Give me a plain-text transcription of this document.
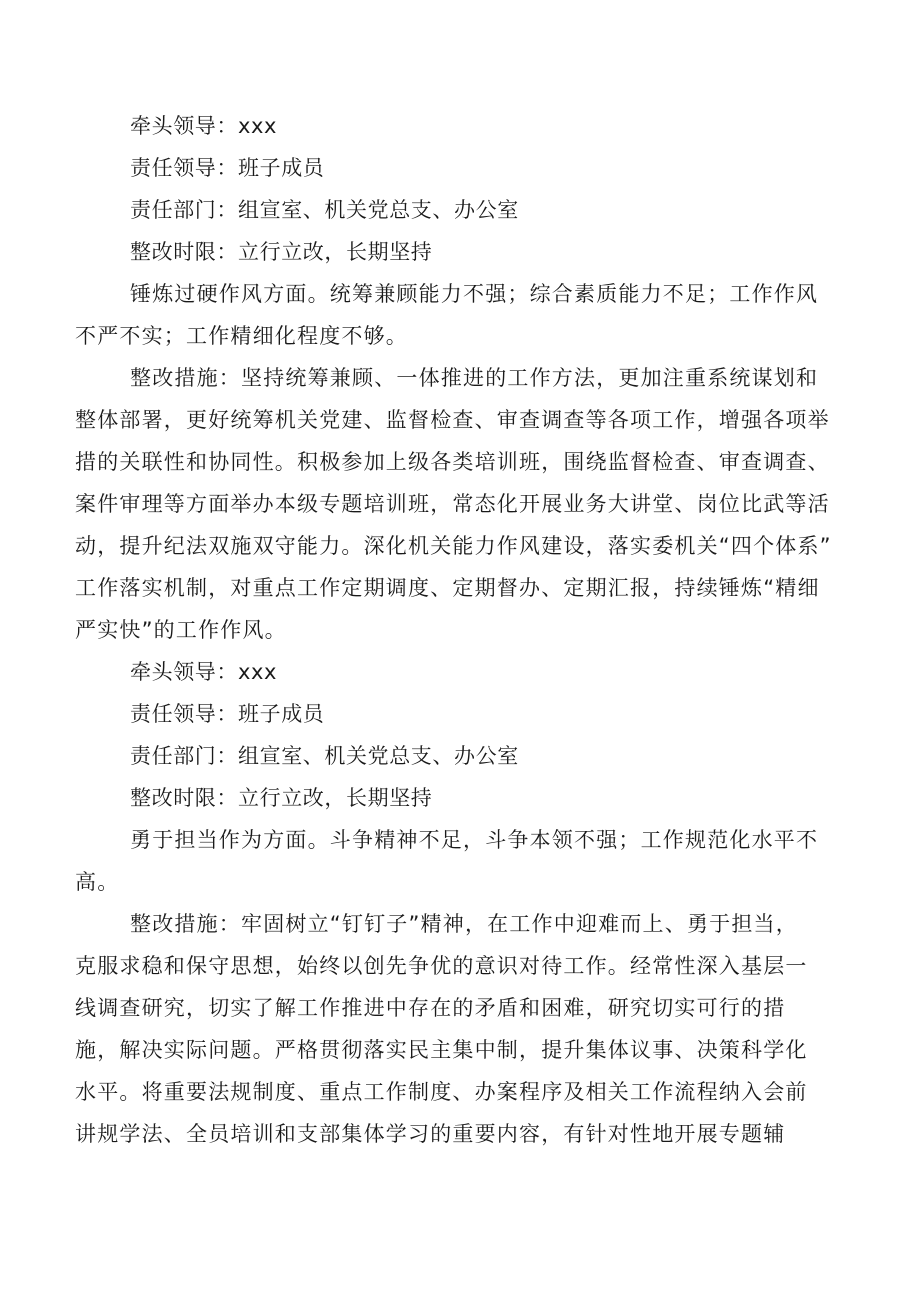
牵头领导：xxx
责任领导：班子成员
责任部门：组宣室、机关党总支、办公室
整改时限：立行立改，长期坚持
锤炼过硬作风方面。统筹兼顾能力不强；综合素质能力不足；工作作风
不严不实；工作精细化程度不够。
整改措施：坚持统筹兼顾、一体推进的工作方法，更加注重系统谋划和
整体部署，更好统筹机关党建、监督检查、审查调查等各项工作，增强各项举
措的关联性和协同性。积极参加上级各类培训班，围绕监督检查、审查调查、
案件审理等方面举办本级专题培训班，常态化开展业务大讲堂、岗位比武等活
动，提升纪法双施双守能力。深化机关能力作风建设，落实委机关“四个体系”
工作落实机制，对重点工作定期调度、定期督办、定期汇报，持续锤炼“精细
严实快”的工作作风。
牵头领导：xxx
责任领导：班子成员
责任部门：组宣室、机关党总支、办公室
整改时限：立行立改，长期坚持
勇于担当作为方面。斗争精神不足，斗争本领不强；工作规范化水平不
高。
整改措施：牢固树立“钉钉子”精神，在工作中迎难而上、勇于担当，
克服求稳和保守思想，始终以创先争优的意识对待工作。经常性深入基层一
线调查研究，切实了解工作推进中存在的矛盾和困难，研究切实可行的措
施，解决实际问题。严格贯彻落实民主集中制，提升集体议事、决策科学化
水平。将重要法规制度、重点工作制度、办案程序及相关工作流程纳入会前
讲规学法、全员培训和支部集体学习的重要内容，有针对性地开展专题辅
